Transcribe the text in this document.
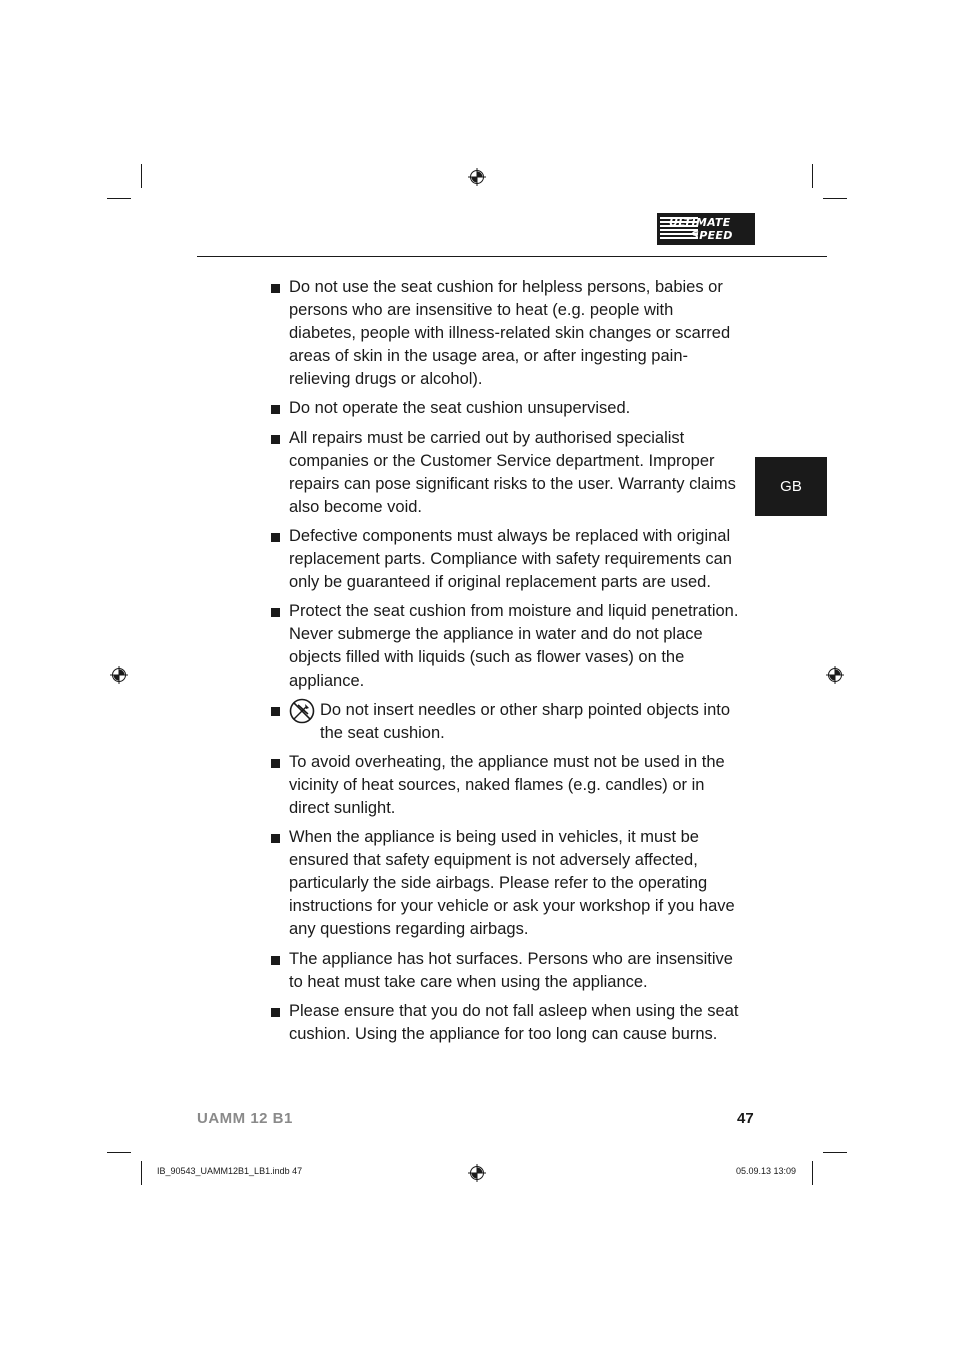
ULTIMATE
SPEED
GB
Do not use the seat cushion for helpless persons, babies or persons who are insensitive to heat (e.g. people with diabetes, people with illness-related skin changes or scarred areas of skin in the usage area, or after ingesting pain-relieving drugs or alcohol).
Do not operate the seat cushion unsupervised.
All repairs must be carried out by authorised specialist companies or the Customer Service department. Improper repairs can pose significant risks to the user. Warranty claims also become void.
Defective components must always be replaced with original replacement parts. Compliance with safety requirements can only be guaranteed if original replacement parts are used.
Protect the seat cushion from moisture and liquid penetration. Never submerge the appliance in water and do not place objects filled with liquids (such as flower vases) on the appliance.
Do not insert needles or other sharp pointed objects into the seat cushion.
To avoid overheating, the appliance must not be used in the vicinity of heat sources, naked flames (e.g. candles) or in direct sunlight.
When the appliance is being used in vehicles, it must be ensured that safety equipment is not adversely affected, particularly the side airbags. Please refer to the operating instructions for your vehicle or ask your workshop if you have any questions regarding airbags.
The appliance has hot surfaces. Persons who are insensitive to heat must take care when using the appliance.
Please ensure that you do not fall asleep when using the seat cushion. Using the appliance for too long can cause burns.
UAMM 12 B1	47
IB_90543_UAMM12B1_LB1.indb 47	05.09.13 13:09
